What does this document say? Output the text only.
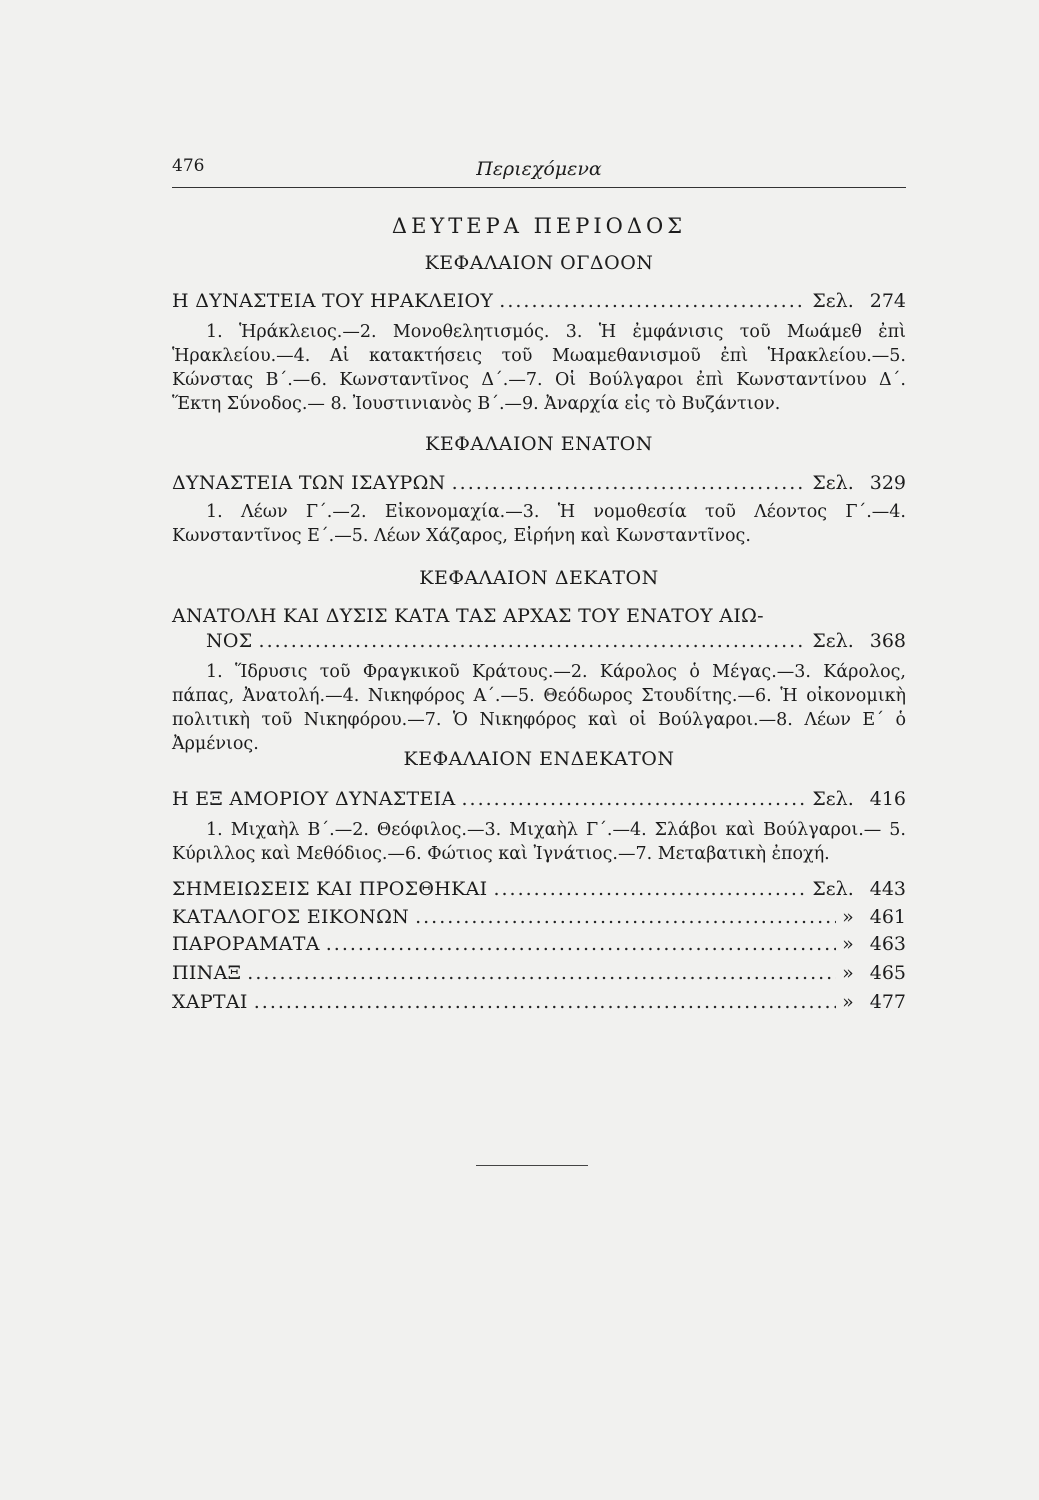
476	Περιεχόμενα
ΔΕΥΤΕΡΑ ΠΕΡΙΟΔΟΣ
ΚΕΦΑΛΑΙΟΝ ΟΓΔΟΟΝ
Η ΔΥΝΑΣΤΕΙΑ ΤΟΥ ΗΡΑΚΛΕΙΟΥ .....	Σελ. 274
1. Ἡράκλειος.—2. Μονοθελητισμός. 3. Ἡ ἐμφάνισις τοῦ Μωάμεθ ἐπὶ Ἡρακλείου.—4. Αἱ κατακτήσεις τοῦ Μωαμεθανισμοῦ ἐπὶ Ἡρακλείου.—5. Κώνστας Β΄.—6. Κωνσταντῖνος Δ΄.—7. Οἱ Βούλγαροι ἐπὶ Κωνσταντίνου Δ΄. Ἕκτη Σύνοδος.— 8. Ἰουστινιανὸς Β΄.—9. Ἀναρχία εἰς τὸ Βυζάντιον.
ΚΕΦΑΛΑΙΟΝ ΕΝΑΤΟΝ
ΔΥΝΑΣΤΕΙΑ ΤΩΝ ΙΣΑΥΡΩΝ .....	Σελ. 329
1. Λέων Γ΄.—2. Εἰκονομαχία.—3. Ἡ νομοθεσία τοῦ Λέοντος Γ΄.—4. Κωνσταντῖνος Ε΄.—5. Λέων Χάζαρος, Εἰρήνη καὶ Κωνσταντῖνος.
ΚΕΦΑΛΑΙΟΝ ΔΕΚΑΤΟΝ
ΑΝΑΤΟΛΗ ΚΑΙ ΔΥΣΙΣ ΚΑΤΑ ΤΑΣ ΑΡΧΑΣ ΤΟΥ ΕΝΑΤΟΥ ΑΙΩ-
ΝΟΣ .....	Σελ. 368
1. Ἵδρυσις τοῦ Φραγκικοῦ Κράτους.—2. Κάρολος ὁ Μέγας.—3. Κάρολος, πάπας, Ἀνατολή.—4. Νικηφόρος Α΄.—5. Θεόδωρος Στουδίτης.—6. Ἡ οἰκονομικὴ πολιτικὴ τοῦ Νικηφόρου.—7. Ὁ Νικηφόρος καὶ οἱ Βούλγαροι.—8. Λέων Ε΄ ὁ Ἀρμένιος.
ΚΕΦΑΛΑΙΟΝ ΕΝΔΕΚΑΤΟΝ
Η ΕΞ ΑΜΟΡΙΟΥ ΔΥΝΑΣΤΕΙΑ .....	Σελ. 416
1. Μιχαὴλ Β΄.—2. Θεόφιλος.—3. Μιχαὴλ Γ΄.—4. Σλάβοι καὶ Βούλγαροι.— 5. Κύριλλος καὶ Μεθόδιος.—6. Φώτιος καὶ Ἰγνάτιος.—7. Μεταβατικὴ ἐποχή.
ΣΗΜΕΙΩΣΕΙΣ ΚΑΙ ΠΡΟΣΘΗΚΑΙ .....	Σελ. 443
ΚΑΤΑΛΟΓΟΣ ΕΙΚΟΝΩΝ .....	» 461
ΠΑΡΟΡΑΜΑΤΑ .....	» 463
ΠΙΝΑΞ .....	» 465
ΧΑΡΤΑΙ .....	» 477
